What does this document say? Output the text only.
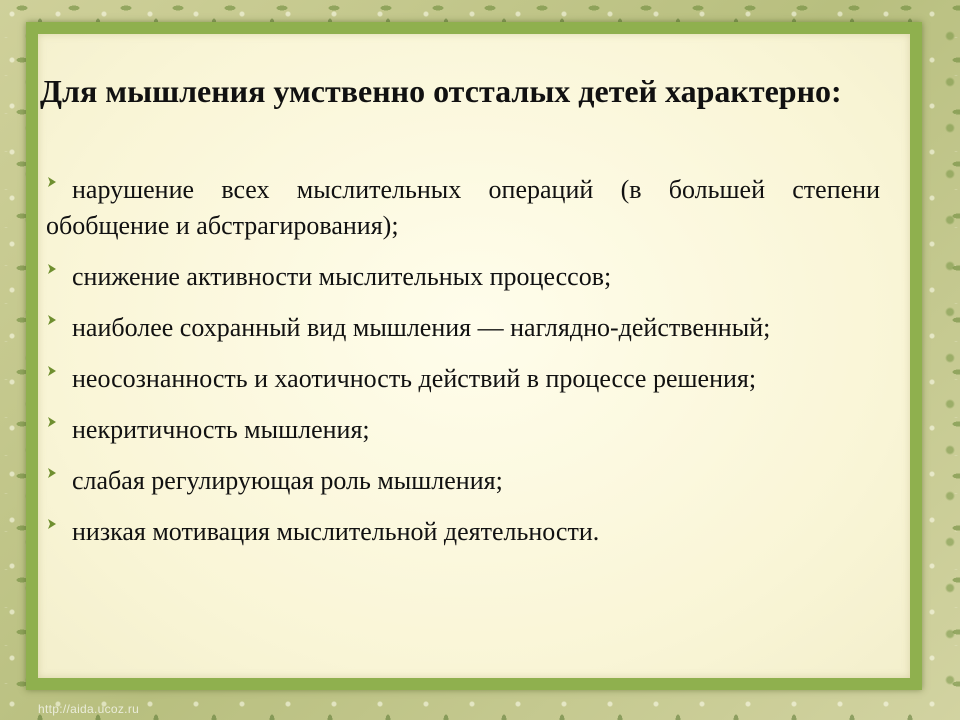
Для мышления умственно отсталых детей характерно:
нарушение всех мыслительных операций (в большей степени обобщение и абстрагирования);
снижение активности мыслительных процессов;
наиболее сохранный вид мышления — наглядно-действенный;
неосознанность и хаотичность действий в процессе решения;
некритичность мышления;
слабая регулирующая роль мышления;
низкая мотивация мыслительной деятельности.
http://aida.ucoz.ru
